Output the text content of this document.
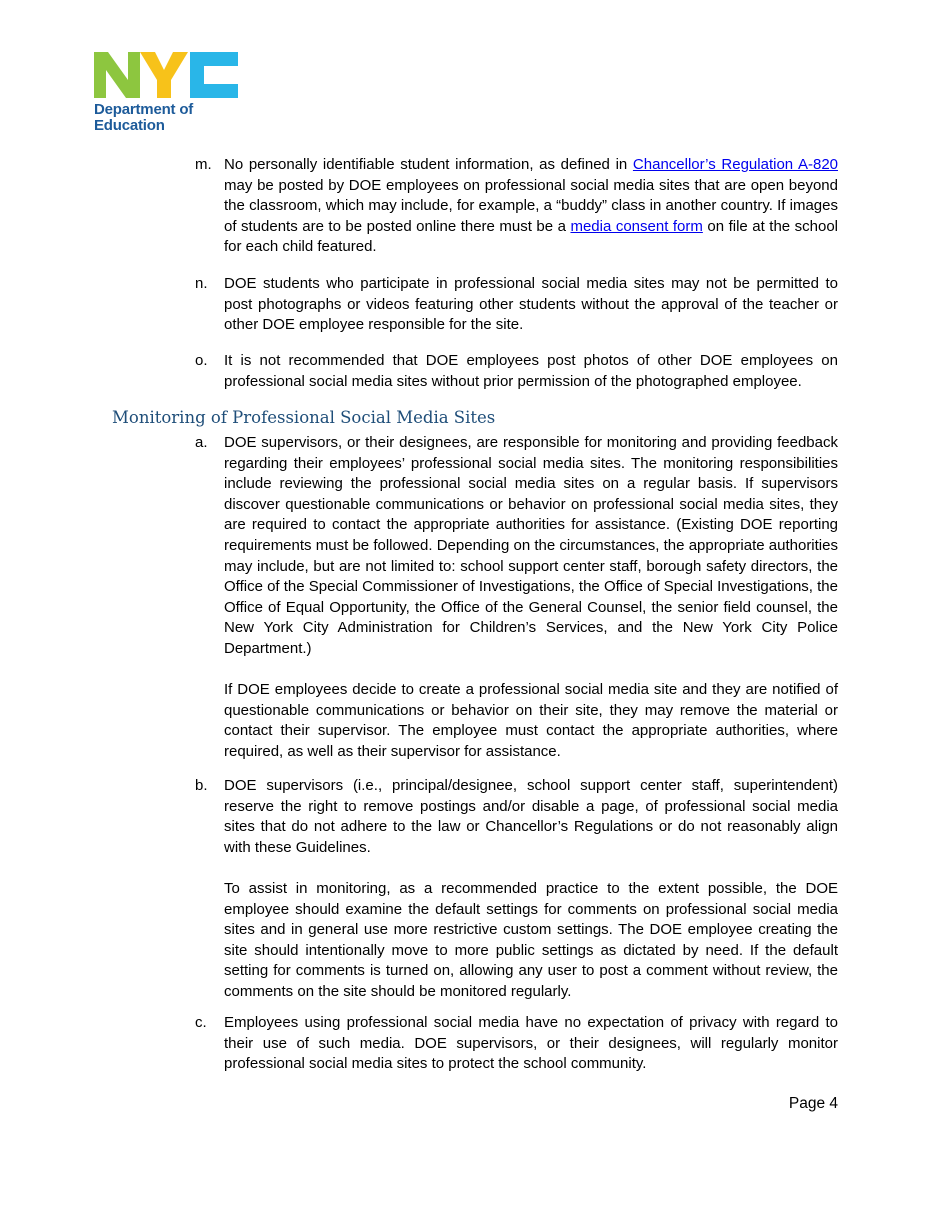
Department of
Education
m. No personally identifiable student information, as defined in Chancellor’s Regulation A-820 may be posted by DOE employees on professional social media sites that are open beyond the classroom, which may include, for example, a “buddy” class in another country. If images of students are to be posted online there must be a media consent form on file at the school for each child featured.

n. DOE students who participate in professional social media sites may not be permitted to post photographs or videos featuring other students without the approval of the teacher or other DOE employee responsible for the site.

o. It is not recommended that DOE employees post photos of other DOE employees on professional social media sites without prior permission of the photographed employee.

Monitoring of Professional Social Media Sites
a. DOE supervisors, or their designees, are responsible for monitoring and providing feedback regarding their employees’ professional social media sites. The monitoring responsibilities include reviewing the professional social media sites on a regular basis. If supervisors discover questionable communications or behavior on professional social media sites, they are required to contact the appropriate authorities for assistance. (Existing DOE reporting requirements must be followed. Depending on the circumstances, the appropriate authorities may include, but are not limited to: school support center staff, borough safety directors, the Office of the Special Commissioner of Investigations, the Office of Special Investigations, the Office of Equal Opportunity, the Office of the General Counsel, the senior field counsel, the New York City Administration for Children’s Services, and the New York City Police Department.)

If DOE employees decide to create a professional social media site and they are notified of questionable communications or behavior on their site, they may remove the material or contact their supervisor. The employee must contact the appropriate authorities, where required, as well as their supervisor for assistance.

b. DOE supervisors (i.e., principal/designee, school support center staff, superintendent) reserve the right to remove postings and/or disable a page, of professional social media sites that do not adhere to the law or Chancellor’s Regulations or do not reasonably align with these Guidelines.

To assist in monitoring, as a recommended practice to the extent possible, the DOE employee should examine the default settings for comments on professional social media sites and in general use more restrictive custom settings. The DOE employee creating the site should intentionally move to more public settings as dictated by need. If the default setting for comments is turned on, allowing any user to post a comment without review, the comments on the site should be monitored regularly.

c. Employees using professional social media have no expectation of privacy with regard to their use of such media. DOE supervisors, or their designees, will regularly monitor professional social media sites to protect the school community.

Page 4
